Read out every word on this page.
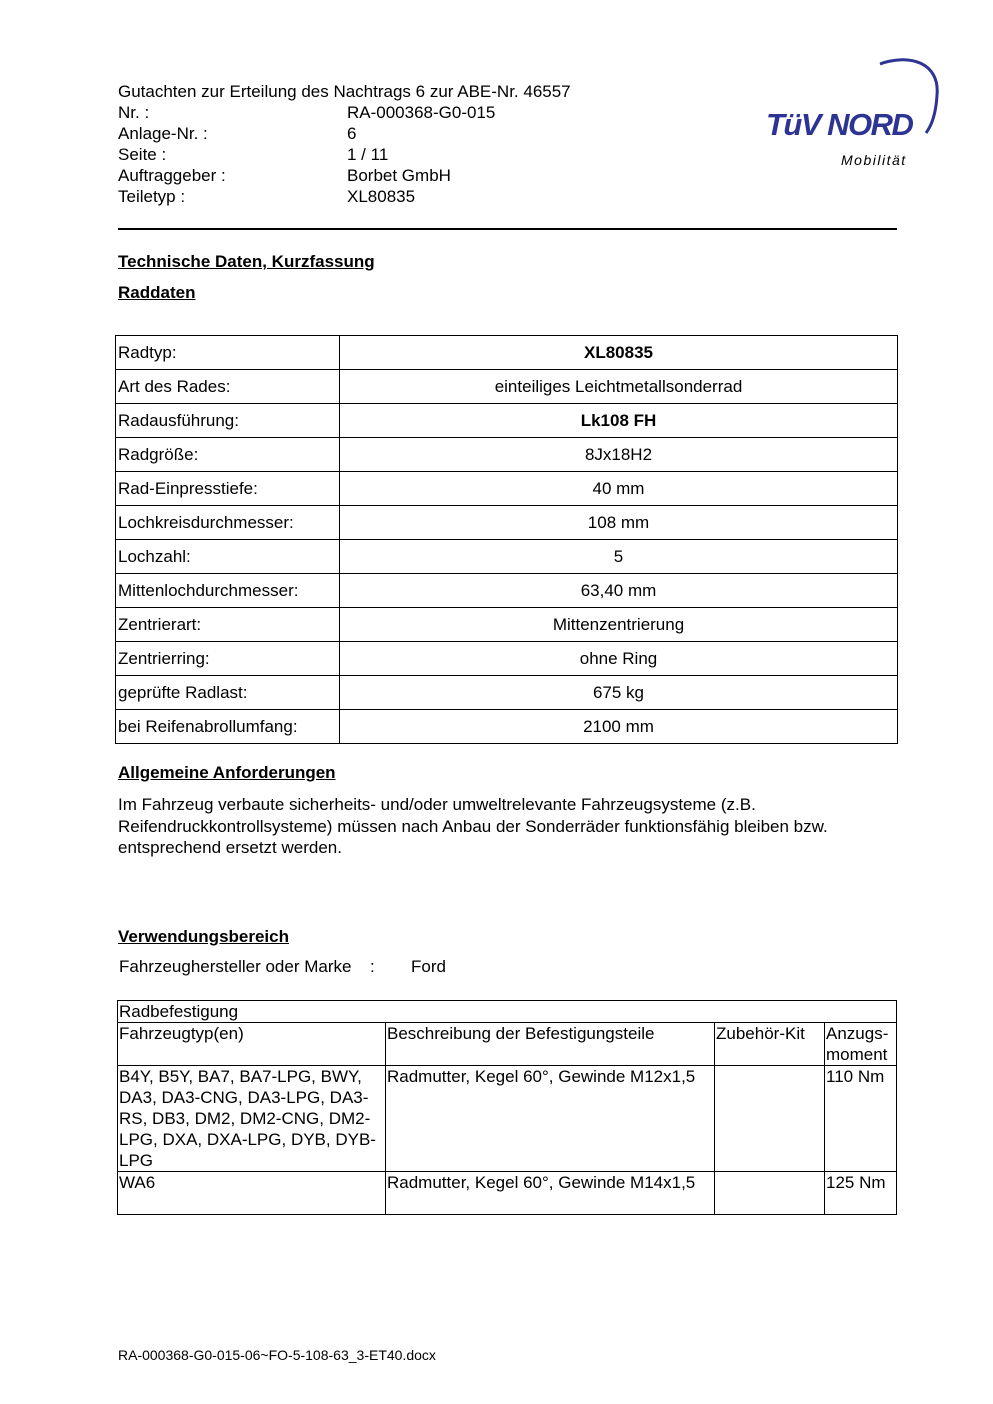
Gutachten zur Erteilung des Nachtrags 6 zur ABE-Nr. 46557
Nr. :	RA-000368-G0-015
Anlage-Nr. :	6
Seite :	1 / 11
Auftraggeber :	Borbet GmbH
Teiletyp :	XL80835
TüV NORD
Mobilität
Technische Daten, Kurzfassung
Raddaten
Radtyp:	XL80835
Art des Rades:	einteiliges Leichtmetallsonderrad
Radausführung:	Lk108 FH
Radgröße:	8Jx18H2
Rad-Einpresstiefe:	40 mm
Lochkreisdurchmesser:	108 mm
Lochzahl:	5
Mittenlochdurchmesser:	63,40 mm
Zentrierart:	Mittenzentrierung
Zentrierring:	ohne Ring
geprüfte Radlast:	675 kg
bei Reifenabrollumfang:	2100 mm
Allgemeine Anforderungen
Im Fahrzeug verbaute sicherheits- und/oder umweltrelevante Fahrzeugsysteme (z.B. Reifendruckkontrollsysteme) müssen nach Anbau der Sonderräder funktionsfähig bleiben bzw. entsprechend ersetzt werden.
Verwendungsbereich
Fahrzeughersteller oder Marke	:	Ford
Radbefestigung			
Fahrzeugtyp(en)	Beschreibung der Befestigungsteile	Zubehör-Kit	Anzugs-moment
B4Y, B5Y, BA7, BA7-LPG, BWY, DA3, DA3-CNG, DA3-LPG, DA3-RS, DB3, DM2, DM2-CNG, DM2-LPG, DXA, DXA-LPG, DYB, DYB-LPG	Radmutter, Kegel 60°, Gewinde M12x1,5		110 Nm
WA6	Radmutter, Kegel 60°, Gewinde M14x1,5		125 Nm
RA-000368-G0-015-06~FO-5-108-63_3-ET40.docx
